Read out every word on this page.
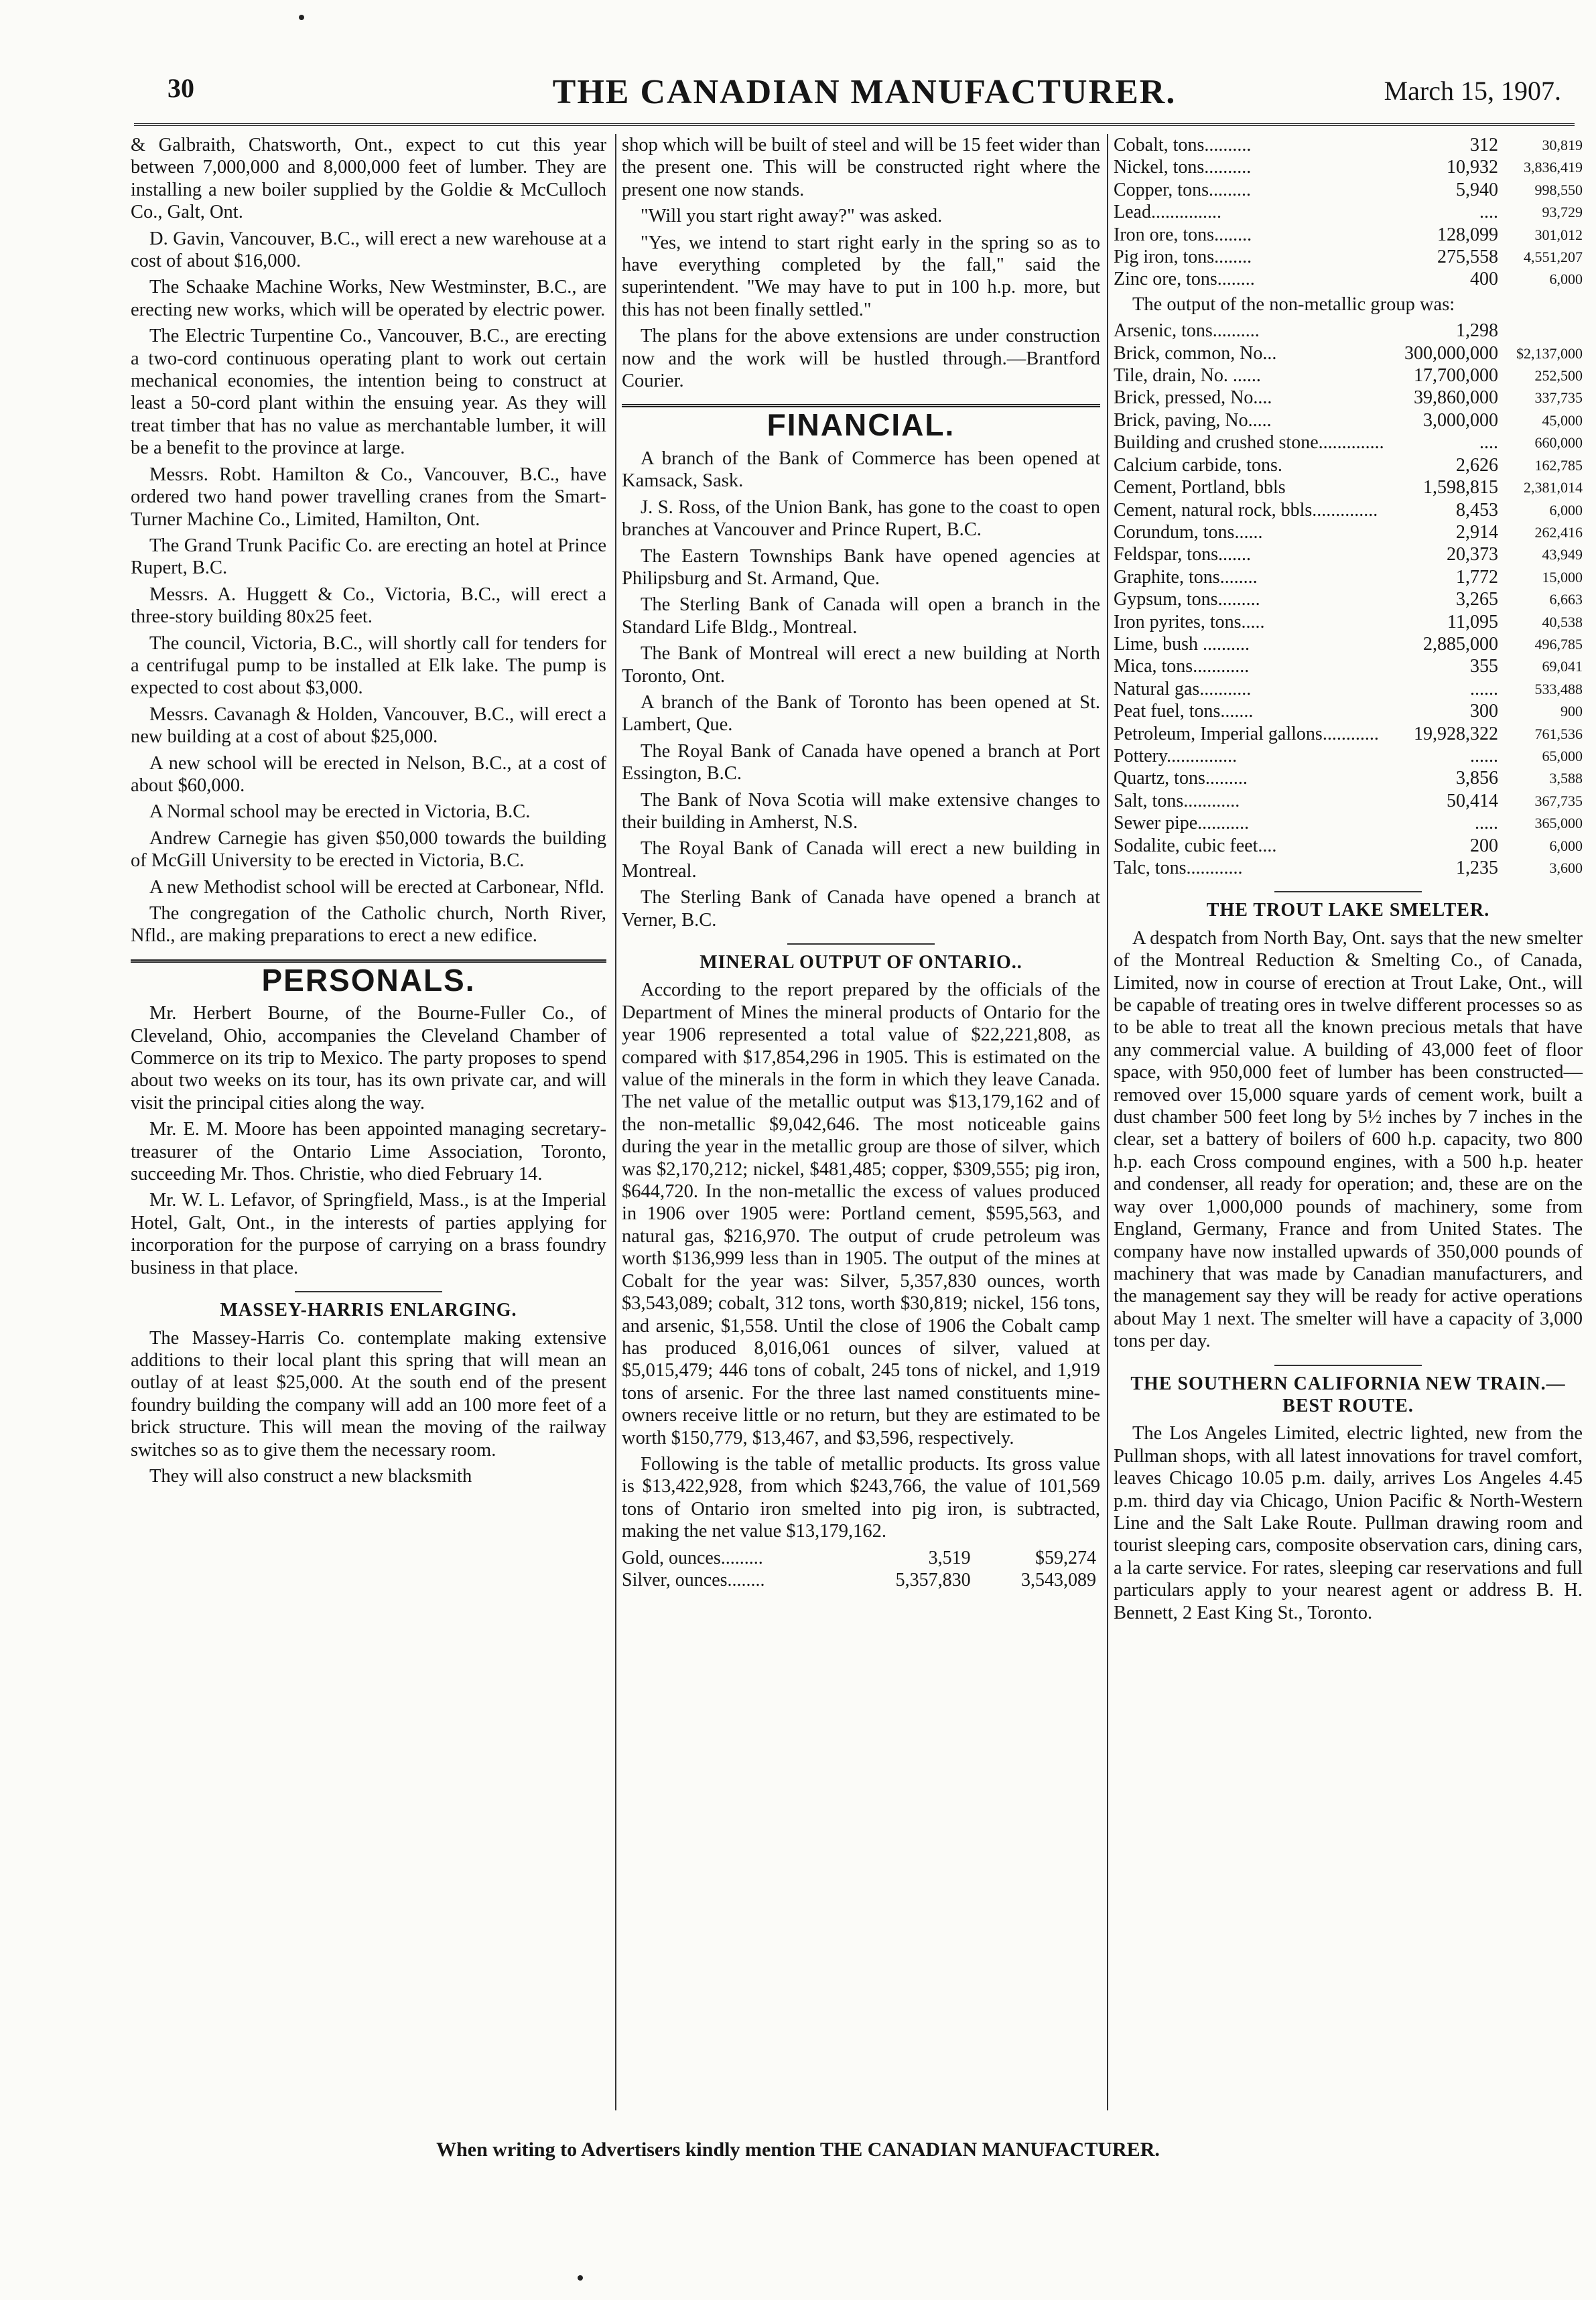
30	THE CANADIAN MANUFACTURER.	March 15, 1907.

& Galbraith, Chatsworth, Ont., expect to cut this year between 7,000,000 and 8,000,000 feet of lumber. They are installing a new boiler supplied by the Goldie & McCulloch Co., Galt, Ont.

D. Gavin, Vancouver, B.C., will erect a new warehouse at a cost of about $16,000.

The Schaake Machine Works, New Westminster, B.C., are erecting new works, which will be operated by electric power.

The Electric Turpentine Co., Vancouver, B.C., are erecting a two-cord continuous operating plant to work out certain mechanical economies, the intention being to construct at least a 50-cord plant within the ensuing year. As they will treat timber that has no value as merchantable lumber, it will be a benefit to the province at large.

Messrs. Robt. Hamilton & Co., Vancouver, B.C., have ordered two hand power travelling cranes from the Smart-Turner Machine Co., Limited, Hamilton, Ont.

The Grand Trunk Pacific Co. are erecting an hotel at Prince Rupert, B.C.

Messrs. A. Huggett & Co., Victoria, B.C., will erect a three-story building 80x25 feet.

The council, Victoria, B.C., will shortly call for tenders for a centrifugal pump to be installed at Elk lake. The pump is expected to cost about $3,000.

Messrs. Cavanagh & Holden, Vancouver, B.C., will erect a new building at a cost of about $25,000.

A new school will be erected in Nelson, B.C., at a cost of about $60,000.

A Normal school may be erected in Victoria, B.C.

Andrew Carnegie has given $50,000 towards the building of McGill University to be erected in Victoria, B.C.

A new Methodist school will be erected at Carbonear, Nfld.

The congregation of the Catholic church, North River, Nfld., are making preparations to erect a new edifice.

PERSONALS.

Mr. Herbert Bourne, of the Bourne-Fuller Co., of Cleveland, Ohio, accompanies the Cleveland Chamber of Commerce on its trip to Mexico. The party proposes to spend about two weeks on its tour, has its own private car, and will visit the principal cities along the way.

Mr. E. M. Moore has been appointed managing secretary-treasurer of the Ontario Lime Association, Toronto, succeeding Mr. Thos. Christie, who died February 14.

Mr. W. L. Lefavor, of Springfield, Mass., is at the Imperial Hotel, Galt, Ont., in the interests of parties applying for incorporation for the purpose of carrying on a brass foundry business in that place.

MASSEY-HARRIS ENLARGING.

The Massey-Harris Co. contemplate making extensive additions to their local plant this spring that will mean an outlay of at least $25,000. At the south end of the present foundry building the company will add an 100 more feet of a brick structure. This will mean the moving of the railway switches so as to give them the necessary room.

They will also construct a new blacksmith

shop which will be built of steel and will be 15 feet wider than the present one. This will be constructed right where the present one now stands.

"Will you start right away?" was asked.

"Yes, we intend to start right early in the spring so as to have everything completed by the fall," said the superintendent. "We may have to put in 100 h.p. more, but this has not been finally settled."

The plans for the above extensions are under construction now and the work will be hustled through.—Brantford Courier.

FINANCIAL.

A branch of the Bank of Commerce has been opened at Kamsack, Sask.

J. S. Ross, of the Union Bank, has gone to the coast to open branches at Vancouver and Prince Rupert, B.C.

The Eastern Townships Bank have opened agencies at Philipsburg and St. Armand, Que.

The Sterling Bank of Canada will open a branch in the Standard Life Bldg., Montreal.

The Bank of Montreal will erect a new building at North Toronto, Ont.

A branch of the Bank of Toronto has been opened at St. Lambert, Que.

The Royal Bank of Canada have opened a branch at Port Essington, B.C.

The Bank of Nova Scotia will make extensive changes to their building in Amherst, N.S.

The Royal Bank of Canada will erect a new building in Montreal.

The Sterling Bank of Canada have opened a branch at Verner, B.C.

MINERAL OUTPUT OF ONTARIO..

According to the report prepared by the officials of the Department of Mines the mineral products of Ontario for the year 1906 represented a total value of $22,221,808, as compared with $17,854,296 in 1905. This is estimated on the value of the minerals in the form in which they leave Canada. The net value of the metallic output was $13,179,162 and of the non-metallic $9,042,646. The most noticeable gains during the year in the metallic group are those of silver, which was $2,170,212; nickel, $481,485; copper, $309,555; pig iron, $644,720. In the non-metallic the excess of values produced in 1906 over 1905 were: Portland cement, $595,563, and natural gas, $216,970. The output of crude petroleum was worth $136,999 less than in 1905. The output of the mines at Cobalt for the year was: Silver, 5,357,830 ounces, worth $3,543,089; cobalt, 312 tons, worth $30,819; nickel, 156 tons, and arsenic, $1,558. Until the close of 1906 the Cobalt camp has produced 8,016,061 ounces of silver, valued at $5,015,479; 446 tons of cobalt, 245 tons of nickel, and 1,919 tons of arsenic. For the three last named constituents mine-owners receive little or no return, but they are estimated to be worth $150,779, $13,467, and $3,596, respectively.

Following is the table of metallic products. Its gross value is $13,422,928, from which $243,766, the value of 101,569 tons of Ontario iron smelted into pig iron, is subtracted, making the net value $13,179,162.

Gold, ounces.........	3,519	$59,274
Silver, ounces........	5,357,830	3,543,089
Cobalt, tons..........	312	30,819
Nickel, tons..........	10,932	3,836,419
Copper, tons.........	5,940	998,550
Lead...............	....	93,729
Iron ore, tons........	128,099	301,012
Pig iron, tons........	275,558	4,551,207
Zinc ore, tons........	400	6,000

The output of the non-metallic group was:

Arsenic, tons..........	1,298	
Brick, common, No...	300,000,000	$2,137,000
Tile, drain, No. ......	17,700,000	252,500
Brick, pressed, No....	39,860,000	337,735
Brick, paving, No.....	3,000,000	45,000
Building and crushed stone..............	....	660,000
Calcium carbide, tons.	2,626	162,785
Cement, Portland, bbls	1,598,815	2,381,014
Cement, natural rock, bbls..............	8,453	6,000
Corundum, tons......	2,914	262,416
Feldspar, tons.......	20,373	43,949
Graphite, tons........	1,772	15,000
Gypsum, tons.........	3,265	6,663
Iron pyrites, tons.....	11,095	40,538
Lime, bush ..........	2,885,000	496,785
Mica, tons............	355	69,041
Natural gas...........	......	533,488
Peat fuel, tons.......	300	900
Petroleum, Imperial gallons............	19,928,322	761,536
Pottery...............	......	65,000
Quartz, tons.........	3,856	3,588
Salt, tons............	50,414	367,735
Sewer pipe...........	.....	365,000
Sodalite, cubic feet....	200	6,000
Talc, tons............	1,235	3,600
THE TROUT LAKE SMELTER.

A despatch from North Bay, Ont. says that the new smelter of the Montreal Reduction & Smelting Co., of Canada, Limited, now in course of erection at Trout Lake, Ont., will be capable of treating ores in twelve different processes so as to be able to treat all the known precious metals that have any commercial value. A building of 43,000 feet of floor space, with 950,000 feet of lumber has been constructed—removed over 15,000 square yards of cement work, built a dust chamber 500 feet long by 5½ inches by 7 inches in the clear, set a battery of boilers of 600 h.p. capacity, two 800 h.p. each Cross compound engines, with a 500 h.p. heater and condenser, all ready for operation; and, these are on the way over 1,000,000 pounds of machinery, some from England, Germany, France and from United States. The company have now installed upwards of 350,000 pounds of machinery that was made by Canadian manufacturers, and the management say they will be ready for active operations about May 1 next. The smelter will have a capacity of 3,000 tons per day.

THE SOUTHERN CALIFORNIA NEW TRAIN.—BEST ROUTE.

The Los Angeles Limited, electric lighted, new from the Pullman shops, with all latest innovations for travel comfort, leaves Chicago 10.05 p.m. daily, arrives Los Angeles 4.45 p.m. third day via Chicago, Union Pacific & North-Western Line and the Salt Lake Route. Pullman drawing room and tourist sleeping cars, composite observation cars, dining cars, a la carte service. For rates, sleeping car reservations and full particulars apply to your nearest agent or address B. H. Bennett, 2 East King St., Toronto.

When writing to Advertisers kindly mention THE CANADIAN MANUFACTURER.
